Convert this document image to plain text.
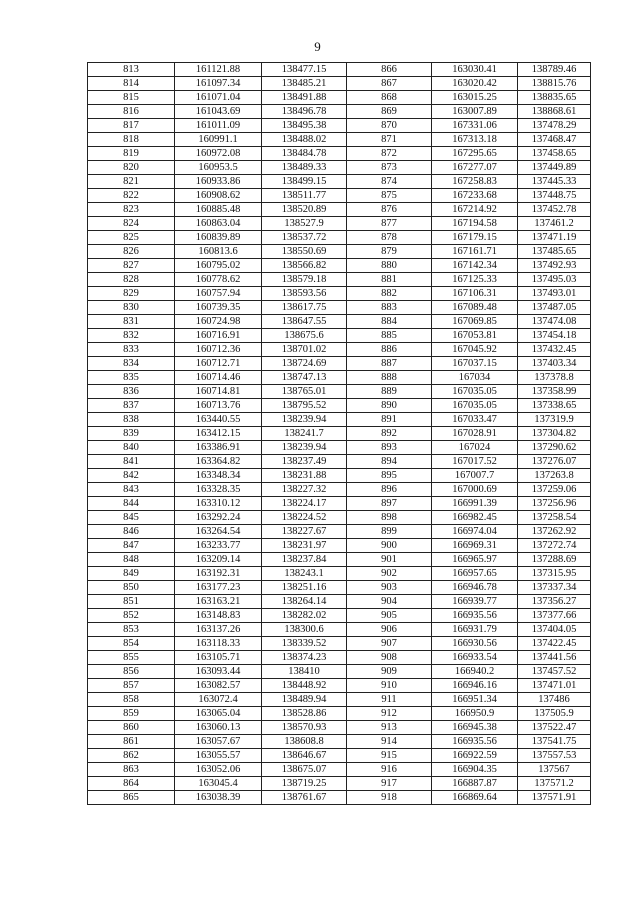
9
813	161121.88	138477.15	866	163030.41	138789.46
814	161097.34	138485.21	867	163020.42	138815.76
815	161071.04	138491.88	868	163015.25	138835.65
816	161043.69	138496.78	869	163007.89	138868.61
817	161011.09	138495.38	870	167331.06	137478.29
818	160991.1	138488.02	871	167313.18	137468.47
819	160972.08	138484.78	872	167295.65	137458.65
820	160953.5	138489.33	873	167277.07	137449.89
821	160933.86	138499.15	874	167258.83	137445.33
822	160908.62	138511.77	875	167233.68	137448.75
823	160885.48	138520.89	876	167214.92	137452.78
824	160863.04	138527.9	877	167194.58	137461.2
825	160839.89	138537.72	878	167179.15	137471.19
826	160813.6	138550.69	879	167161.71	137485.65
827	160795.02	138566.82	880	167142.34	137492.93
828	160778.62	138579.18	881	167125.33	137495.03
829	160757.94	138593.56	882	167106.31	137493.01
830	160739.35	138617.75	883	167089.48	137487.05
831	160724.98	138647.55	884	167069.85	137474.08
832	160716.91	138675.6	885	167053.81	137454.18
833	160712.36	138701.02	886	167045.92	137432.45
834	160712.71	138724.69	887	167037.15	137403.34
835	160714.46	138747.13	888	167034	137378.8
836	160714.81	138765.01	889	167035.05	137358.99
837	160713.76	138795.52	890	167035.05	137338.65
838	163440.55	138239.94	891	167033.47	137319.9
839	163412.15	138241.7	892	167028.91	137304.82
840	163386.91	138239.94	893	167024	137290.62
841	163364.82	138237.49	894	167017.52	137276.07
842	163348.34	138231.88	895	167007.7	137263.8
843	163328.35	138227.32	896	167000.69	137259.06
844	163310.12	138224.17	897	166991.39	137256.96
845	163292.24	138224.52	898	166982.45	137258.54
846	163264.54	138227.67	899	166974.04	137262.92
847	163233.77	138231.97	900	166969.31	137272.74
848	163209.14	138237.84	901	166965.97	137288.69
849	163192.31	138243.1	902	166957.65	137315.95
850	163177.23	138251.16	903	166946.78	137337.34
851	163163.21	138264.14	904	166939.77	137356.27
852	163148.83	138282.02	905	166935.56	137377.66
853	163137.26	138300.6	906	166931.79	137404.05
854	163118.33	138339.52	907	166930.56	137422.45
855	163105.71	138374.23	908	166933.54	137441.56
856	163093.44	138410	909	166940.2	137457.52
857	163082.57	138448.92	910	166946.16	137471.01
858	163072.4	138489.94	911	166951.34	137486
859	163065.04	138528.86	912	166950.9	137505.9
860	163060.13	138570.93	913	166945.38	137522.47
861	163057.67	138608.8	914	166935.56	137541.75
862	163055.57	138646.67	915	166922.59	137557.53
863	163052.06	138675.07	916	166904.35	137567
864	163045.4	138719.25	917	166887.87	137571.2
865	163038.39	138761.67	918	166869.64	137571.91
